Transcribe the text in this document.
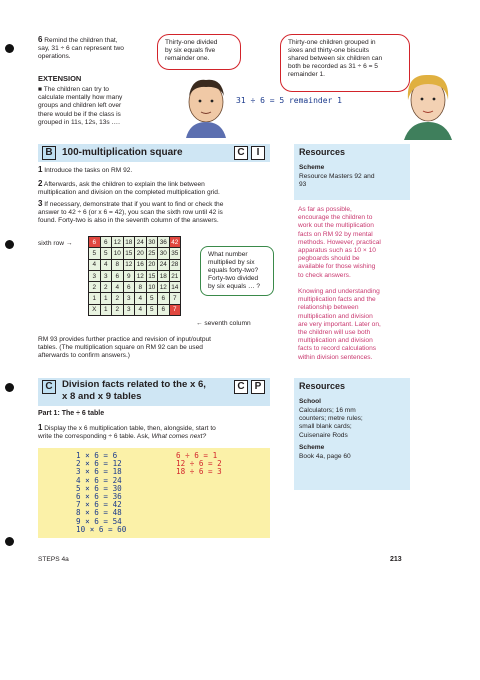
6 Remind the children that,
say, 31 ÷ 6 can represent two
operations.
EXTENSION
■ The children can try to
calculate mentally how many
groups and children left over
there would be if the class is
grouped in 11s, 12s, 13s ….
Thirty-one divided
by six equals five
remainder one.
31 ÷ 6 = 5 remainder 1
Thirty-one children grouped in
sixes and thirty-one biscuits
shared between six children can
both be recorded as 31 ÷ 6 = 5
remainder 1.
B 100-multiplication square	C	I	Resources
Scheme
Resource Masters 92 and
93
As far as possible,
encourage the children to
work out the multiplication
facts on RM 92 by mental
methods. However, practical
apparatus such as 10 × 10
pegboards should be
available for those wishing
to check answers.

Knowing and understanding
multiplication facts and the
relationship between
multiplication and division
are very important. Later on,
the children will use both
multiplication and division
facts to record calculations
within division sentences.
1 Introduce the tasks on RM 92.
2 Afterwards, ask the children to explain the link between
multiplication and division on the completed multiplication grid.
3 If necessary, demonstrate that if you want to find or check the
answer to 42 ÷ 6 (or x 6 = 42), you scan the sixth row until 42 is
found. Forty-two is also in the seventh column of the answers.
sixth row →	6	6	12	18	24	30	36	42
5	5	10	15	20	25	30	35
4	4	8	12	16	20	24	28
3	3	6	9	12	15	18	21
2	2	4	6	8	10	12	14
1	1	2	3	4	5	6	7
X	1	2	3	4	5	6	7
What number
multiplied by six
equals forty-two?
Forty-two divided
by six equals … ?
← seventh column
RM 93 provides further practice and revision of input/output
tables. (The multiplication square on RM 92 can be used
afterwards to confirm answers.)
C Division facts related to the x 6,
x 8 and x 9 tables
C	P
Part 1: The ÷ 6 table
1 Display the x 6 multiplication table, then, alongside, start to
write the corresponding ÷ 6 table. Ask, What comes next?
1 × 6 = 6
2 × 6 = 12
3 × 6 = 18
4 × 6 = 24
5 × 6 = 30
6 × 6 = 36
7 × 6 = 42
8 × 6 = 48
9 × 6 = 54
10 × 6 = 60
6 ÷ 6 = 1
12 ÷ 6 = 2
18 ÷ 6 = 3
Resources
School
Calculators; 16 mm
counters; metre rules;
small blank cards;
Cuisenaire Rods
Scheme
Book 4a, page 60
STEPS 4a	213
